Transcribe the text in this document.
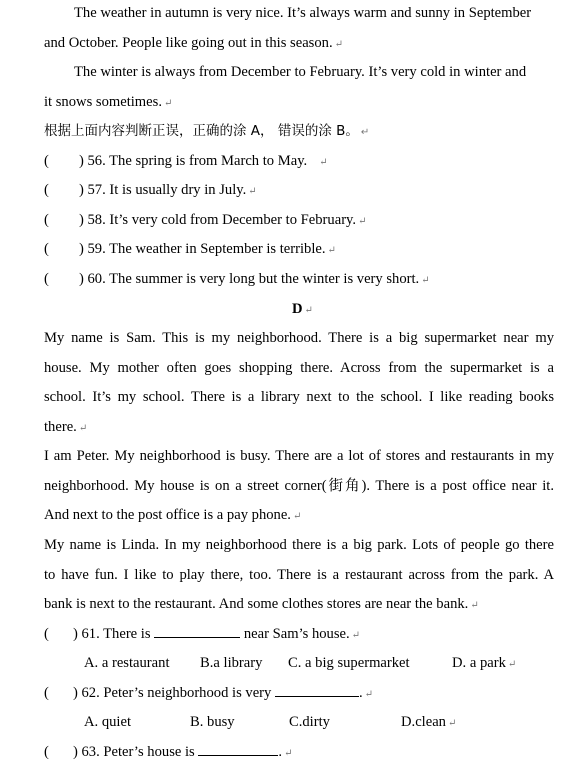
The weather in autumn is very nice. It’s always warm and sunny in September
and October. People like going out in this season. ↵
The winter is always from December to February. It’s very cold in winter and
it snows sometimes. ↵
根据上面内容判断正误，正确的涂 A， 错误的涂 B。 ↵
( ) 56. The spring is from March to May. ↵
( ) 57. It is usually dry in July. ↵
( ) 58. It’s very cold from December to February. ↵
( ) 59. The weather in September is terrible. ↵
( ) 60. The summer is very long but the winter is very short. ↵
D ↵
My name is Sam. This is my neighborhood. There is a big supermarket near my
house. My mother often goes shopping there. Across from the supermarket is a
school. It’s my school. There is a library next to the school. I like reading books
there. ↵
I am Peter. My neighborhood is busy. There are a lot of stores and restaurants in my
neighborhood. My house is on a street corner(街角). There is a post office near it.
And next to the post office is a pay phone. ↵
My name is Linda. In my neighborhood there is a big park. Lots of people go there
to have fun. I like to play there, too. There is a restaurant across from the park. A
bank is next to the restaurant. And some clothes stores are near the bank. ↵
( ) 61. There is	near Sam’s house. ↵
A. a restaurant B.a library C. a big supermarket	D. a park ↵
( ) 62. Peter’s neighborhood is very	. ↵
A. quiet	B. busy	C.dirty	D.clean ↵
( ) 63. Peter’s house is	. ↵
